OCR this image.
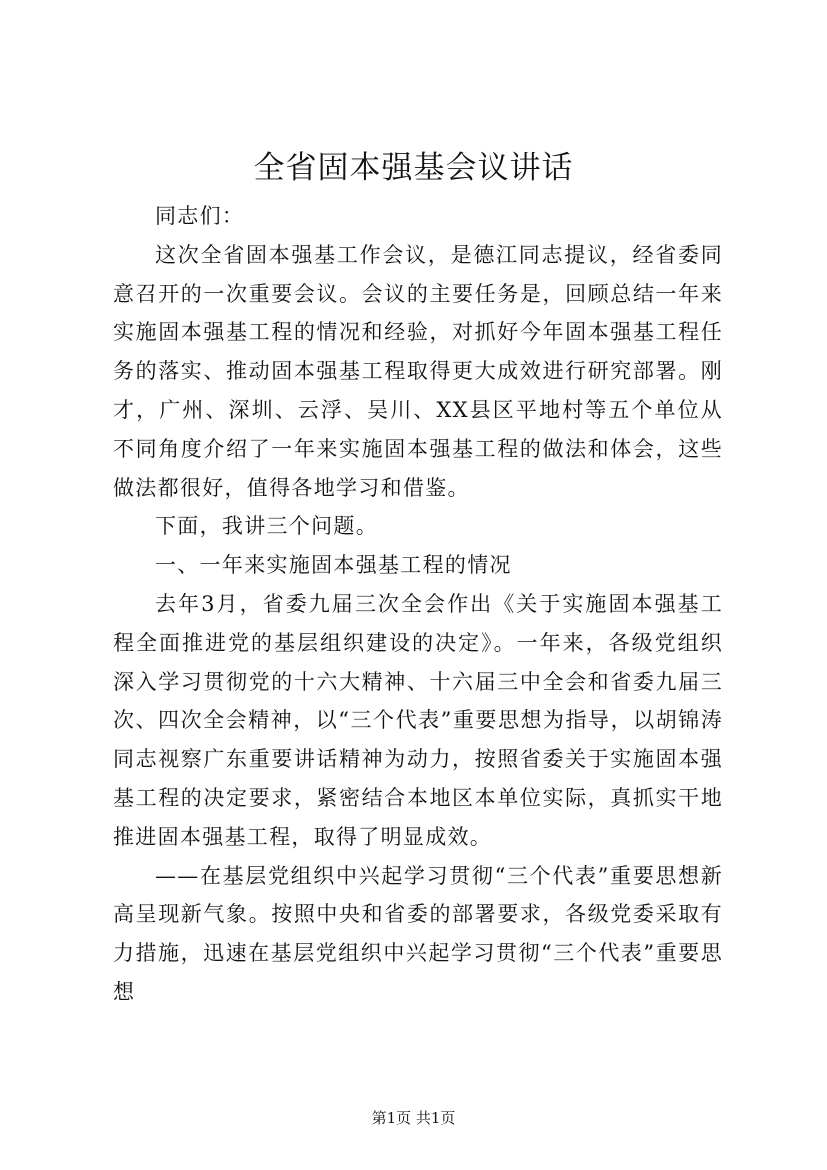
全省固本强基会议讲话

同志们：

这次全省固本强基工作会议，是德江同志提议，经省委同意召开的一次重要会议。会议的主要任务是，回顾总结一年来实施固本强基工程的情况和经验，对抓好今年固本强基工程任务的落实、推动固本强基工程取得更大成效进行研究部署。刚才，广州、深圳、云浮、吴川、XX县区平地村等五个单位从不同角度介绍了一年来实施固本强基工程的做法和体会，这些做法都很好，值得各地学习和借鉴。

下面，我讲三个问题。

一、一年来实施固本强基工程的情况

去年3月，省委九届三次全会作出《关于实施固本强基工程全面推进党的基层组织建设的决定》。一年来，各级党组织深入学习贯彻党的十六大精神、十六届三中全会和省委九届三次、四次全会精神，以“三个代表”重要思想为指导，以胡锦涛同志视察广东重要讲话精神为动力，按照省委关于实施固本强基工程的决定要求，紧密结合本地区本单位实际，真抓实干地推进固本强基工程，取得了明显成效。

——在基层党组织中兴起学习贯彻“三个代表”重要思想新高呈现新气象。按照中央和省委的部署要求，各级党委采取有力措施，迅速在基层党组织中兴起学习贯彻“三个代表”重要思想

第1页 共1页
